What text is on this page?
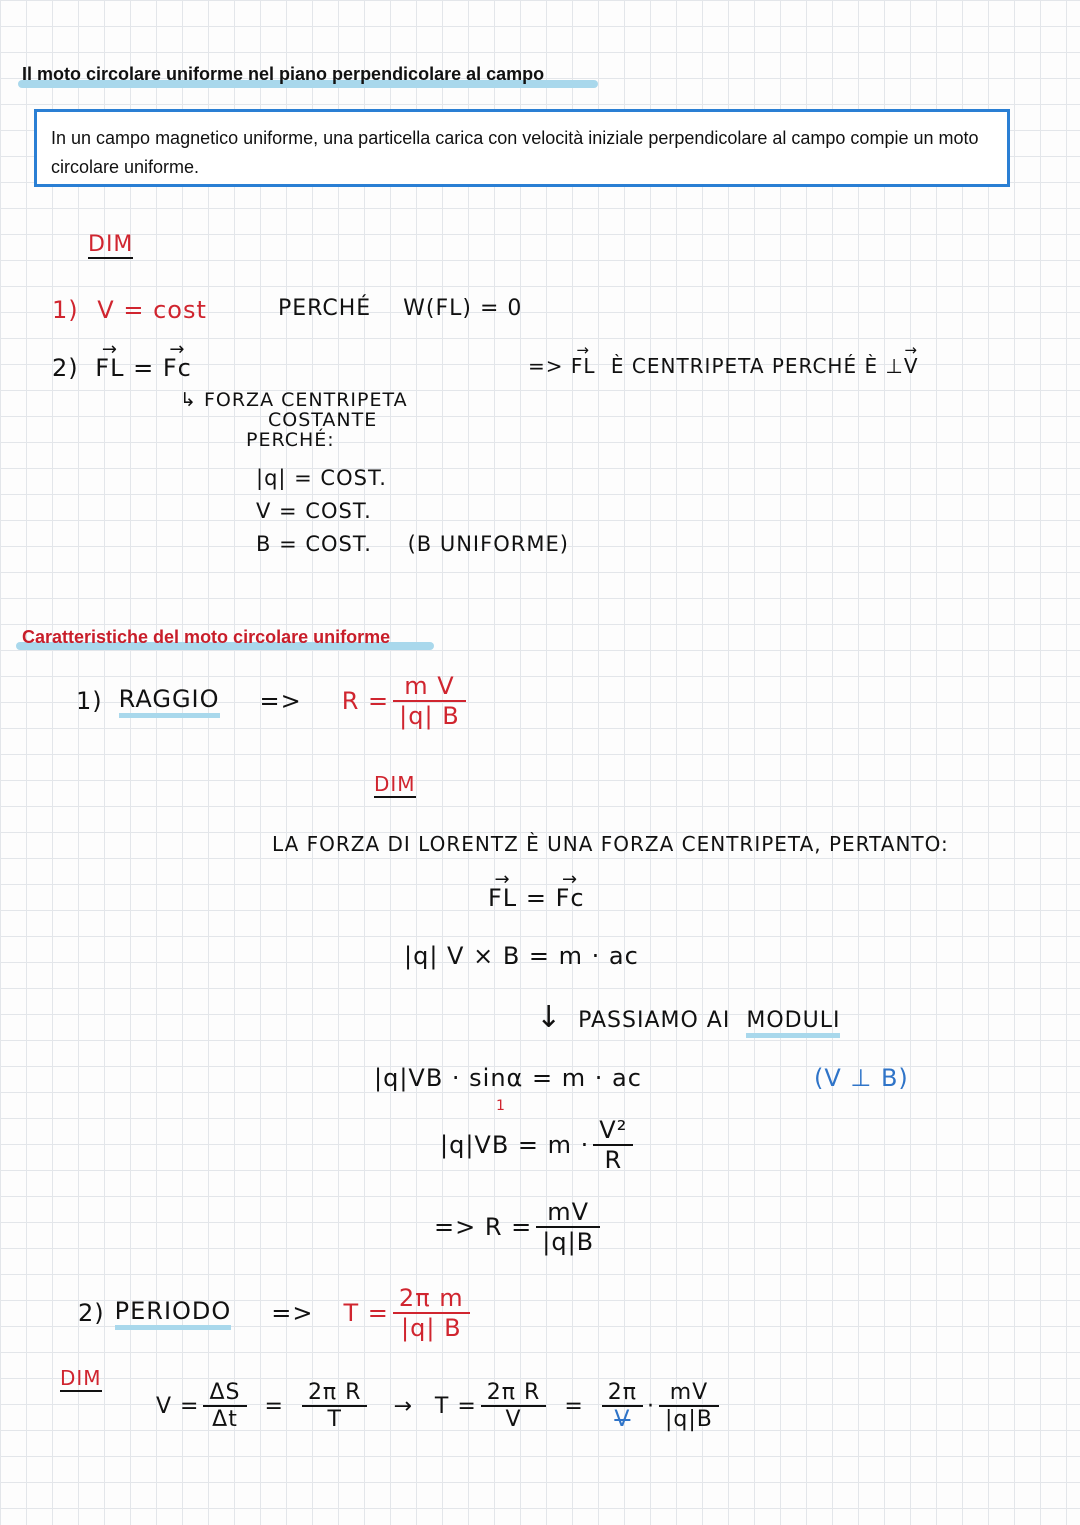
Il moto circolare uniforme nel piano perpendicolare al campo
In un campo magnetico uniforme, una particella carica con velocità iniziale perpendicolare al campo compie un moto circolare uniforme.
DIM
1) V = cost	PERCHÉ W(FL) = 0
2) → FL = → Fc	=> → FL È CENTRIPETA PERCHÉ È ⊥→ V
↳ FORZA CENTRIPETA
COSTANTE
PERCHÉ:
|q| = COST.
V = COST.
B = COST. (B UNIFORME)
Caratteristiche del moto circolare uniforme
1) RAGGIO => $R = \frac{\text{m V}}{|q| B}$
DIM
LA FORZA DI LORENTZ È UNA FORZA CENTRIPETA, PERTANTO:
→ FL = → Fc
|q| V × B = m · ac
↓ PASSIAMO AI MODULI
|q|VB · sinα = m · ac	(V ⊥ B)
1
$|q|VB = m \cdot \frac{\text{V²}}{R}$
=> $R = \frac{mV}{|q|B}$
2) PERIODO => $T = \frac{\text{2π m}}{|q| B}$
DIM
$V = \frac{\Delta S}{\Delta t} = \frac{\text{2π R}}{T} \to T = \frac{\text{2π R}}{V} = \frac{2\pi}{V} \cdot \frac{mV}{|q|B}$
